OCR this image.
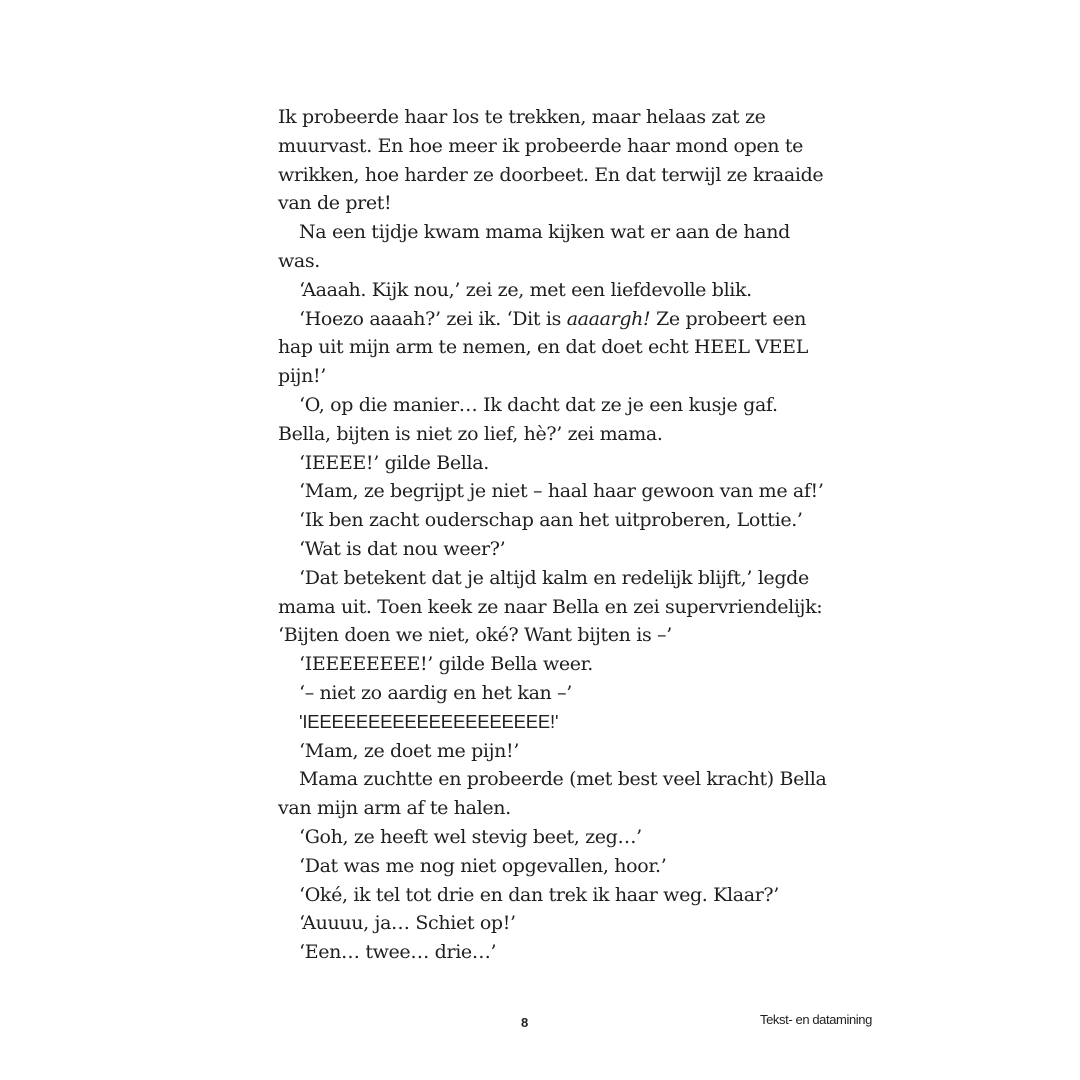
Ik probeerde haar los te trekken, maar helaas zat ze
muurvast. En hoe meer ik probeerde haar mond open te
wrikken, hoe harder ze doorbeet. En dat terwijl ze kraaide
van de pret!
Na een tijdje kwam mama kijken wat er aan de hand
was.
‘Aaaah. Kijk nou,’ zei ze, met een liefdevolle blik.
‘Hoezo aaaah?’ zei ik. ‘Dit is aaaargh! Ze probeert een
hap uit mijn arm te nemen, en dat doet echt HEEL VEEL
pijn!’
‘O, op die manier… Ik dacht dat ze je een kusje gaf.
Bella, bijten is niet zo lief, hè?’ zei mama.
‘IEEEE!’ gilde Bella.
‘Mam, ze begrijpt je niet – haal haar gewoon van me af!’
‘Ik ben zacht ouderschap aan het uitproberen, Lottie.’
‘Wat is dat nou weer?’
‘Dat betekent dat je altijd kalm en redelijk blijft,’ legde
mama uit. Toen keek ze naar Bella en zei supervriendelijk:
‘Bijten doen we niet, oké? Want bijten is –’
‘IEEEEEEEE!’ gilde Bella weer.
‘– niet zo aardig en het kan –’
'IEEEEEEEEEEEEEEEEEEEE!'
‘Mam, ze doet me pijn!’
Mama zuchtte en probeerde (met best veel kracht) Bella
van mijn arm af te halen.
‘Goh, ze heeft wel stevig beet, zeg…’
‘Dat was me nog niet opgevallen, hoor.’
‘Oké, ik tel tot drie en dan trek ik haar weg. Klaar?’
‘Auuuu, ja… Schiet op!’
‘Een… twee… drie…’
8	Tekst- en datamining
